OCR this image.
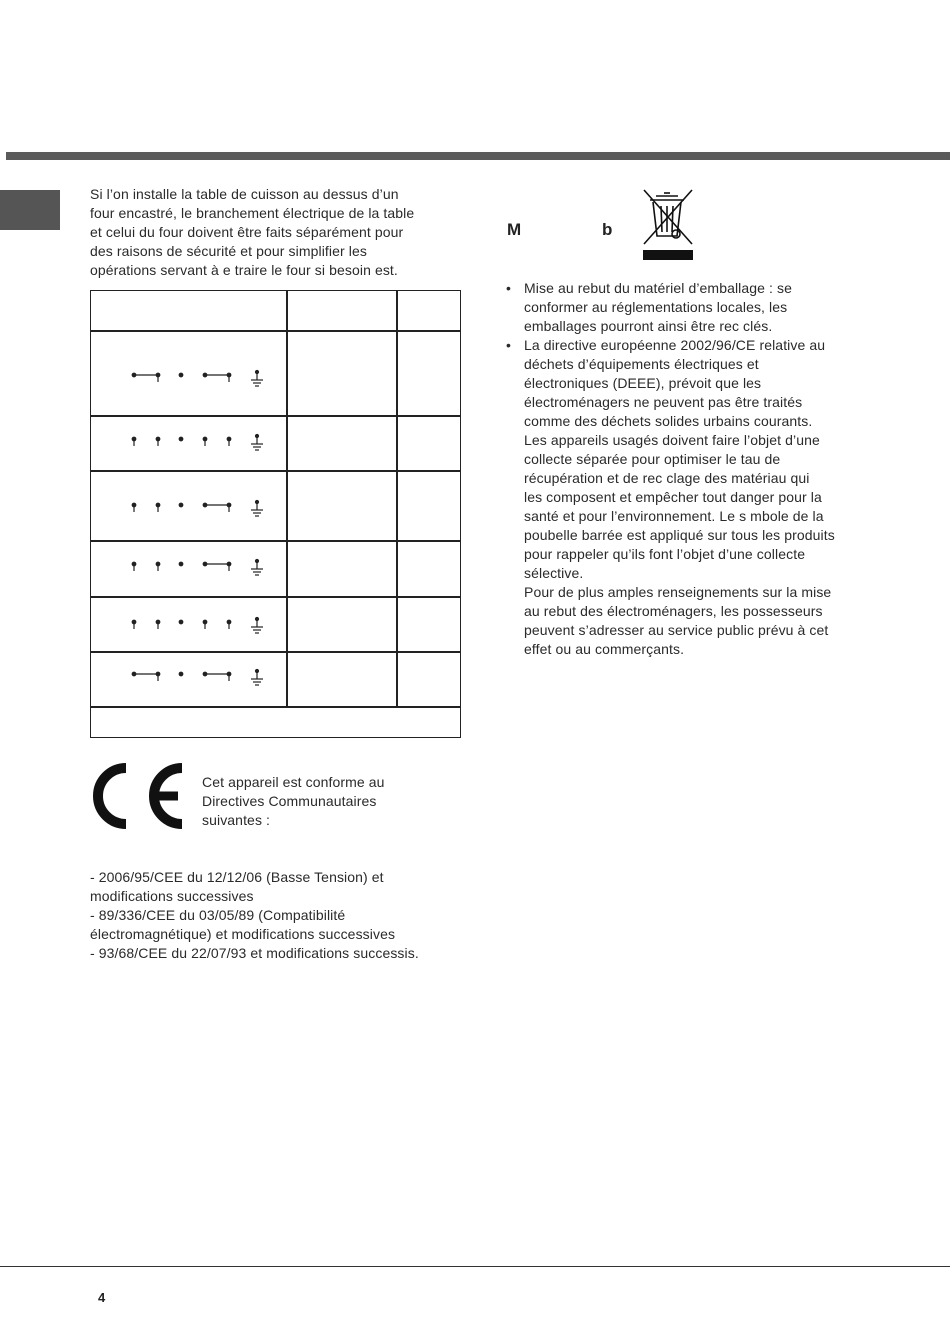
Si l’on installe la table de cuisson au dessus d’un
four encastré, le branchement électrique de la table
et celui du four doivent être faits séparément pour
des raisons de sécurité et pour simplifier les
opérations servant à e traire le four si besoin est.
Cet appareil est conforme au
Directives Communautaires
suivantes :
- 2006/95/CEE du 12/12/06 (Basse Tension) et
modifications successives
- 89/336/CEE du 03/05/89 (Compatibilité
électromagnétique) et modifications successives
- 93/68/CEE du 22/07/93 et modifications successis.
M	b
• Mise au rebut du matériel d’emballage : se
conformer au réglementations locales, les
emballages pourront ainsi être rec clés.
• La directive européenne 2002/96/CE relative au
déchets d’équipements électriques et
électroniques (DEEE), prévoit que les
électroménagers ne peuvent pas être traités
comme des déchets solides urbains courants.
Les appareils usagés doivent faire l’objet d’une
collecte séparée pour optimiser le tau de
récupération et de rec clage des matériau qui
les composent et empêcher tout danger pour la
santé et pour l’environnement. Le s mbole de la
poubelle barrée est appliqué sur tous les produits
pour rappeler qu’ils font l’objet d’une collecte
sélective.
Pour de plus amples renseignements sur la mise
au rebut des électroménagers, les possesseurs
peuvent s’adresser au service public prévu à cet
effet ou au commerçants.
4
